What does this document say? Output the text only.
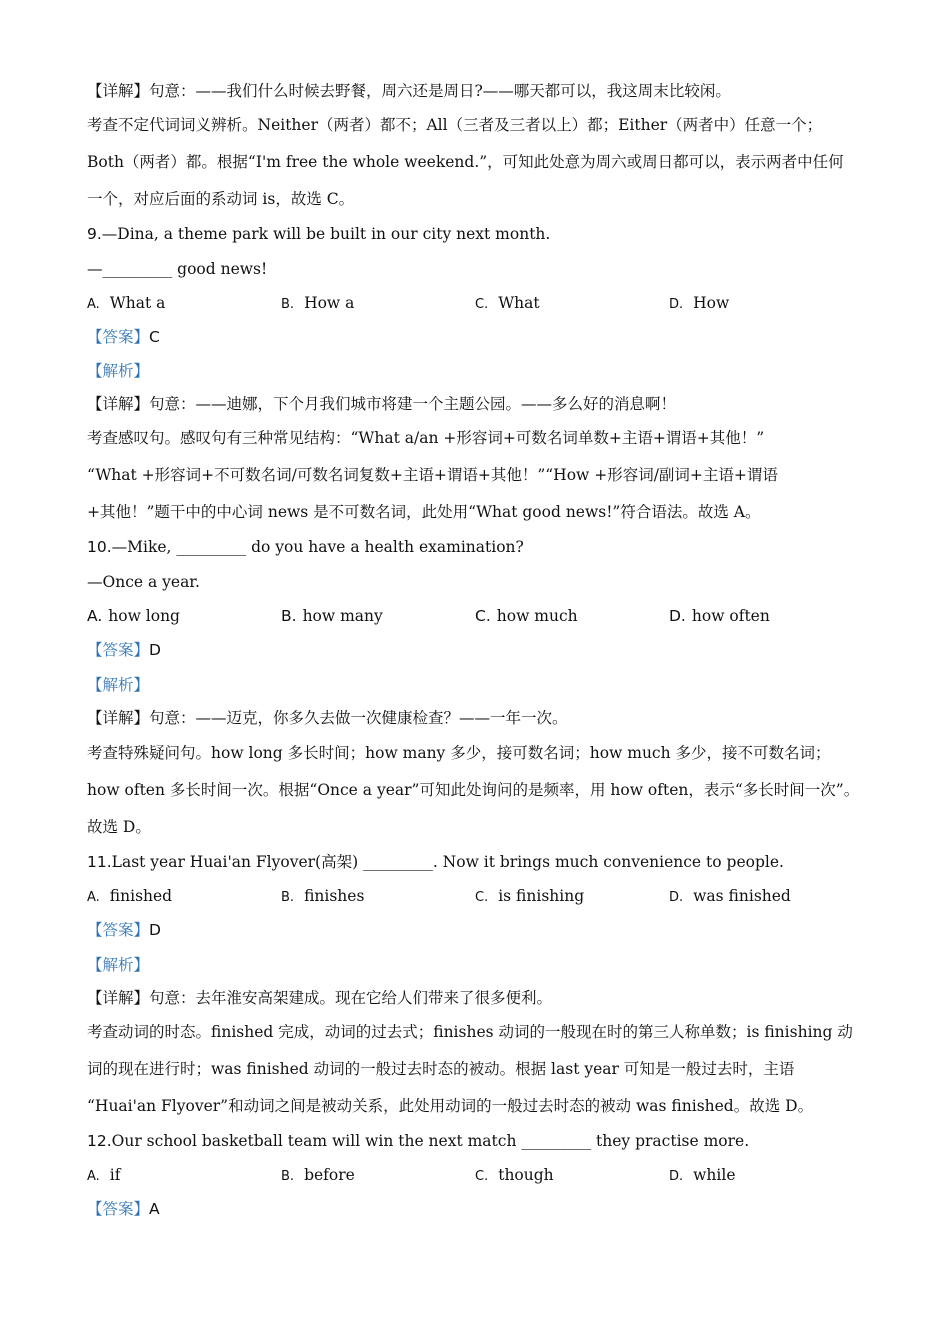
【详解】句意：——我们什么时候去野餐，周六还是周日?——哪天都可以，我这周末比较闲。
考查不定代词词义辨析。Neither（两者）都不；All（三者及三者以上）都；Either（两者中）任意一个；
Both（两者）都。根据“I'm free the whole weekend.”，可知此处意为周六或周日都可以，表示两者中任何
一个，对应后面的系动词 is，故选 C。
9.—Dina, a theme park will be built in our city next month.
—_________ good news!
A. What a	B. How a	C. What	D. How
【答案】C
【解析】
【详解】句意：——迪娜，下个月我们城市将建一个主题公园。——多么好的消息啊！
考查感叹句。感叹句有三种常见结构：“What a/an +形容词+可数名词单数+主语+谓语+其他！”
“What +形容词+不可数名词/可数名词复数+主语+谓语+其他！”“How +形容词/副词+主语+谓语
+其他！”题干中的中心词 news 是不可数名词，此处用“What good news!”符合语法。故选 A。
10.—Mike, _________ do you have a health examination?
—Once a year.
A. how long	B. how many	C. how much	D. how often
【答案】D
【解析】
【详解】句意：——迈克，你多久去做一次健康检查？——一年一次。
考查特殊疑问句。how long 多长时间；how many 多少，接可数名词；how much 多少，接不可数名词；
how often 多长时间一次。根据“Once a year”可知此处询问的是频率，用 how often，表示“多长时间一次”。
故选 D。
11.Last year Huai'an Flyover(高架) _________. Now it brings much convenience to people.
A. finished	B. finishes	C. is finishing	D. was finished
【答案】D
【解析】
【详解】句意：去年淮安高架建成。现在它给人们带来了很多便利。
考查动词的时态。finished 完成，动词的过去式；finishes 动词的一般现在时的第三人称单数；is finishing 动
词的现在进行时；was finished 动词的一般过去时态的被动。根据 last year 可知是一般过去时，主语
“Huai'an Flyover”和动词之间是被动关系，此处用动词的一般过去时态的被动 was finished。故选 D。
12.Our school basketball team will win the next match _________ they practise more.
A. if	B. before	C. though	D. while
【答案】A
